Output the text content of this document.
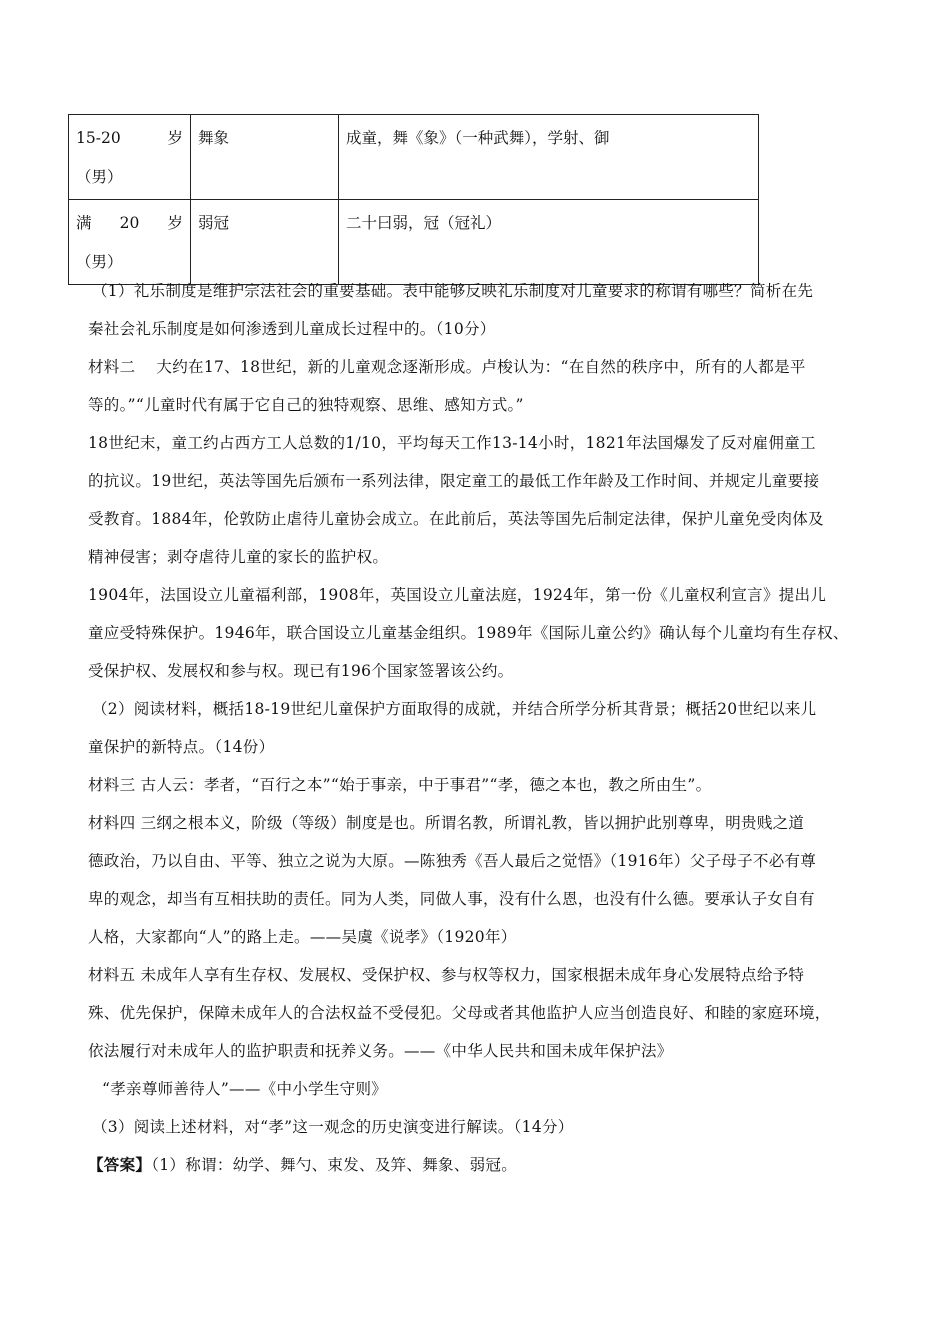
15-20 岁
（男）	舞象	成童，舞《象》（一种武舞），学射、御

满 20 岁
（男）	弱冠	二十曰弱，冠（冠礼）

（1）礼乐制度是维护宗法社会的重要基础。表中能够反映礼乐制度对儿童要求的称谓有哪些？简析在先

秦社会礼乐制度是如何渗透到儿童成长过程中的。（10分）

材料二　 大约在17、18世纪，新的儿童观念逐渐形成。卢梭认为：“在自然的秩序中，所有的人都是平

等的。”“儿童时代有属于它自己的独特观察、思维、感知方式。”

18世纪末，童工约占西方工人总数的1/10，平均每天工作13-14小时，1821年法国爆发了反对雇佣童工

的抗议。19世纪，英法等国先后颁布一系列法律，限定童工的最低工作年龄及工作时间、并规定儿童要接

受教育。1884年，伦敦防止虐待儿童协会成立。在此前后，英法等国先后制定法律，保护儿童免受肉体及

精神侵害；剥夺虐待儿童的家长的监护权。

1904年，法国设立儿童福利部，1908年，英国设立儿童法庭，1924年，第一份《儿童权利宣言》提出儿

童应受特殊保护。1946年，联合国设立儿童基金组织。1989年《国际儿童公约》确认每个儿童均有生存权、

受保护权、发展权和参与权。现已有196个国家签署该公约。

（2）阅读材料，概括18-19世纪儿童保护方面取得的成就，并结合所学分析其背景；概括20世纪以来儿

童保护的新特点。（14份）

材料三 古人云：孝者，“百行之本”“始于事亲，中于事君”“孝，德之本也，教之所由生”。

材料四 三纲之根本义，阶级（等级）制度是也。所谓名教，所谓礼教，皆以拥护此别尊卑，明贵贱之道

德政治，乃以自由、平等、独立之说为大原。—陈独秀《吾人最后之觉悟》（1916年）父子母子不必有尊

卑的观念，却当有互相扶助的责任。同为人类，同做人事，没有什么恩，也没有什么德。要承认子女自有

人格，大家都向“人”的路上走。——吴虞《说孝》（1920年）

材料五 未成年人享有生存权、发展权、受保护权、参与权等权力，国家根据未成年身心发展特点给予特

殊、优先保护，保障未成年人的合法权益不受侵犯。父母或者其他监护人应当创造良好、和睦的家庭环境，

依法履行对未成年人的监护职责和抚养义务。——《中华人民共和国未成年保护法》

“孝亲尊师善待人”——《中小学生守则》

（3）阅读上述材料，对“孝”这一观念的历史演变进行解读。（14分）

【答案】（1）称谓：幼学、舞勺、束发、及笄、舞象、弱冠。
